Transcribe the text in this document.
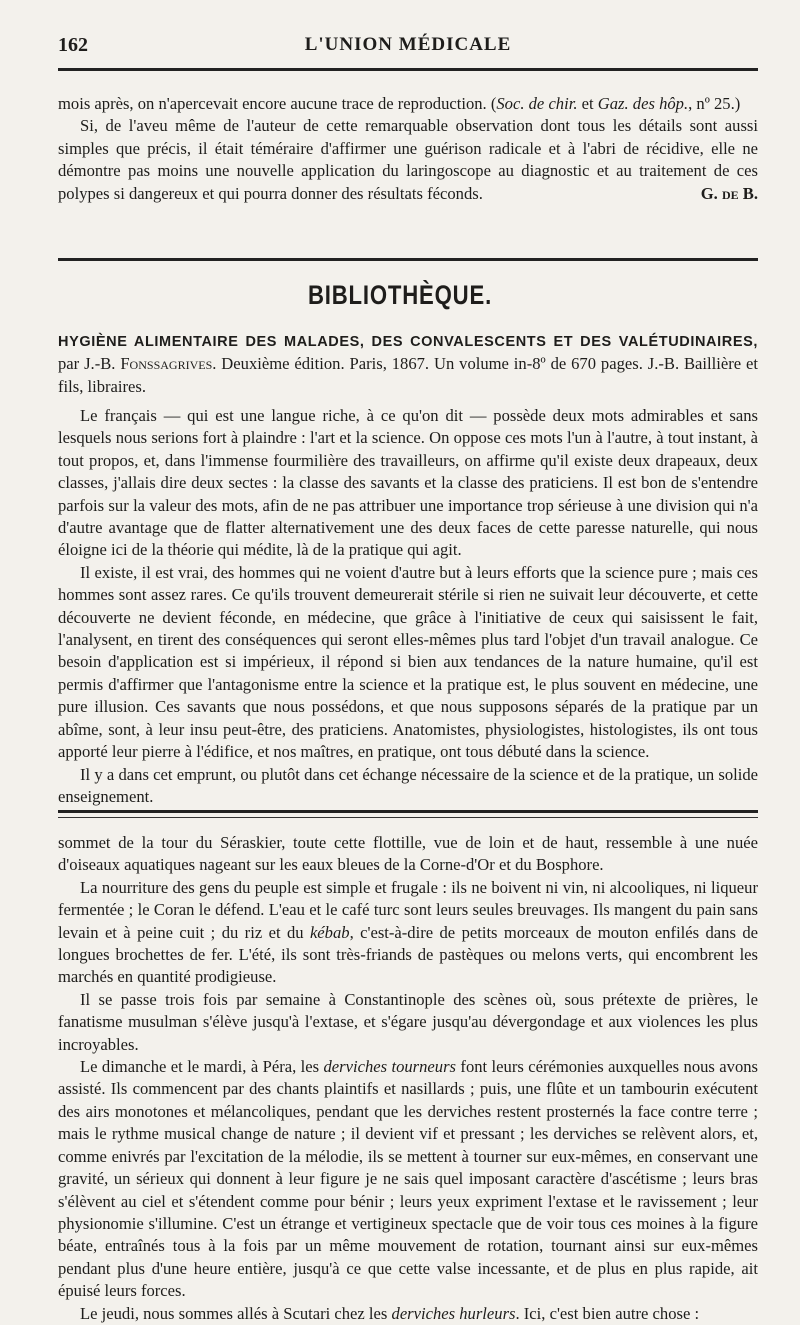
162	L'UNION MÉDICALE

mois après, on n'apercevait encore aucune trace de reproduction. (Soc. de chir. et Gaz. des hôp., nº 25.)

Si, de l'aveu même de l'auteur de cette remarquable observation dont tous les détails sont aussi simples que précis, il était téméraire d'affirmer une guérison radicale et à l'abri de récidive, elle ne démontre pas moins une nouvelle application du laringoscope au diagnostic et au traitement de ces polypes si dangereux et qui pourra donner des résultats féconds.	G. de B.

BIBLIOTHÈQUE.

HYGIÈNE ALIMENTAIRE DES MALADES, DES CONVALESCENTS ET DES VALÉTUDINAIRES, par J.-B. Fonssagrives. Deuxième édition. Paris, 1867. Un volume in-8º de 670 pages. J.-B. Baillière et fils, libraires.

Le français — qui est une langue riche, à ce qu'on dit — possède deux mots admirables et sans lesquels nous serions fort à plaindre : l'art et la science. On oppose ces mots l'un à l'autre, à tout instant, à tout propos, et, dans l'immense fourmilière des travailleurs, on affirme qu'il existe deux drapeaux, deux classes, j'allais dire deux sectes : la classe des savants et la classe des praticiens. Il est bon de s'entendre parfois sur la valeur des mots, afin de ne pas attribuer une importance trop sérieuse à une division qui n'a d'autre avantage que de flatter alternativement une des deux faces de cette paresse naturelle, qui nous éloigne ici de la théorie qui médite, là de la pratique qui agit.

Il existe, il est vrai, des hommes qui ne voient d'autre but à leurs efforts que la science pure ; mais ces hommes sont assez rares. Ce qu'ils trouvent demeurerait stérile si rien ne suivait leur découverte, et cette découverte ne devient féconde, en médecine, que grâce à l'initiative de ceux qui saisissent le fait, l'analysent, en tirent des conséquences qui seront elles-mêmes plus tard l'objet d'un travail analogue. Ce besoin d'application est si impérieux, il répond si bien aux tendances de la nature humaine, qu'il est permis d'affirmer que l'antagonisme entre la science et la pratique est, le plus souvent en médecine, une pure illusion. Ces savants que nous possédons, et que nous supposons séparés de la pratique par un abîme, sont, à leur insu peut-être, des praticiens. Anatomistes, physiologistes, histologistes, ils ont tous apporté leur pierre à l'édifice, et nos maîtres, en pratique, ont tous débuté dans la science.

Il y a dans cet emprunt, ou plutôt dans cet échange nécessaire de la science et de la pratique, un solide enseignement.

sommet de la tour du Séraskier, toute cette flottille, vue de loin et de haut, ressemble à une nuée d'oiseaux aquatiques nageant sur les eaux bleues de la Corne-d'Or et du Bosphore.

La nourriture des gens du peuple est simple et frugale : ils ne boivent ni vin, ni alcooliques, ni liqueur fermentée ; le Coran le défend. L'eau et le café turc sont leurs seules breuvages. Ils mangent du pain sans levain et à peine cuit ; du riz et du kébab, c'est-à-dire de petits morceaux de mouton enfilés dans de longues brochettes de fer. L'été, ils sont très-friands de pastèques ou melons verts, qui encombrent les marchés en quantité prodigieuse.

Il se passe trois fois par semaine à Constantinople des scènes où, sous prétexte de prières, le fanatisme musulman s'élève jusqu'à l'extase, et s'égare jusqu'au dévergondage et aux violences les plus incroyables.

Le dimanche et le mardi, à Péra, les derviches tourneurs font leurs cérémonies auxquelles nous avons assisté. Ils commencent par des chants plaintifs et nasillards ; puis, une flûte et un tambourin exécutent des airs monotones et mélancoliques, pendant que les derviches restent prosternés la face contre terre ; mais le rythme musical change de nature ; il devient vif et pressant ; les derviches se relèvent alors, et, comme enivrés par l'excitation de la mélodie, ils se mettent à tourner sur eux-mêmes, en conservant une gravité, un sérieux qui donnent à leur figure je ne sais quel imposant caractère d'ascétisme ; leurs bras s'élèvent au ciel et s'étendent comme pour bénir ; leurs yeux expriment l'extase et le ravissement ; leur physionomie s'illumine. C'est un étrange et vertigineux spectacle que de voir tous ces moines à la figure béate, entraînés tous à la fois par un même mouvement de rotation, tournant ainsi sur eux-mêmes pendant plus d'une heure entière, jusqu'à ce que cette valse incessante, et de plus en plus rapide, ait épuisé leurs forces.

Le jeudi, nous sommes allés à Scutari chez les derviches hurleurs. Ici, c'est bien autre chose :
